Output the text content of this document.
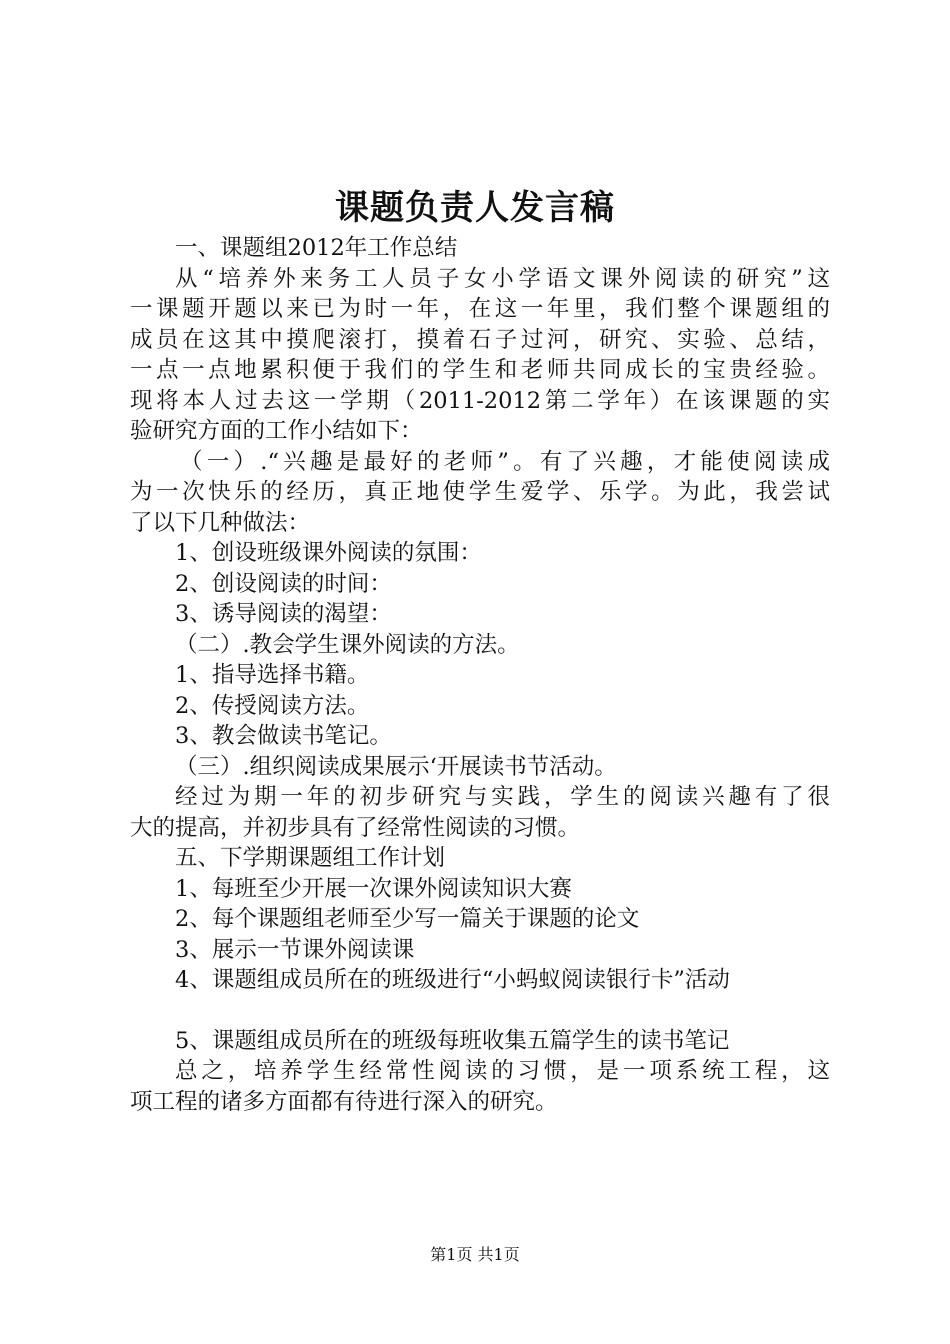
课题负责人发言稿
一、课题组2012年工作总结
从“培养外来务工人员子女小学语文课外阅读的研究”这
一课题开题以来已为时一年，在这一年里，我们整个课题组的
成员在这其中摸爬滚打，摸着石子过河，研究、实验、总结，
一点一点地累积便于我们的学生和老师共同成长的宝贵经验。
现将本人过去这一学期（2011-2012第二学年）在该课题的实
验研究方面的工作小结如下：
（一）.“兴趣是最好的老师”。有了兴趣，才能使阅读成
为一次快乐的经历，真正地使学生爱学、乐学。为此，我尝试
了以下几种做法：
1、创设班级课外阅读的氛围：
2、创设阅读的时间：
3、诱导阅读的渴望：
（二）.教会学生课外阅读的方法。
1、指导选择书籍。
2、传授阅读方法。
3、教会做读书笔记。
（三）.组织阅读成果展示‘开展读书节活动。
经过为期一年的初步研究与实践，学生的阅读兴趣有了很
大的提高，并初步具有了经常性阅读的习惯。
五、下学期课题组工作计划
1、每班至少开展一次课外阅读知识大赛
2、每个课题组老师至少写一篇关于课题的论文
3、展示一节课外阅读课
4、课题组成员所在的班级进行“小蚂蚁阅读银行卡”活动
5、课题组成员所在的班级每班收集五篇学生的读书笔记
总之，培养学生经常性阅读的习惯，是一项系统工程，这
项工程的诸多方面都有待进行深入的研究。
第1页 共1页
